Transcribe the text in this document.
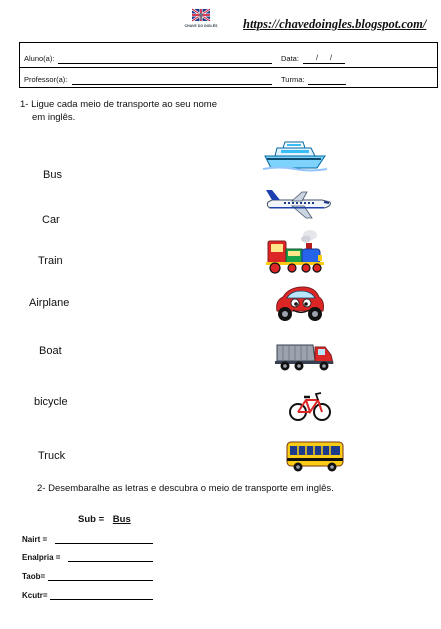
CHAVE DO INGLÊS https://chavedoingles.blogspot.com/
Aluno(a):	Data: / /
Professor(a):	Turma:
1- Ligue cada meio de transporte ao seu nome
em inglês.
Bus
Car
Train
Airplane
Boat
bicycle
Truck
2- Desembaralhe as letras e descubra o meio de transporte em inglês.
Sub = Bus
Nairt =
Enalpria =
Taob=
Kcutr=
